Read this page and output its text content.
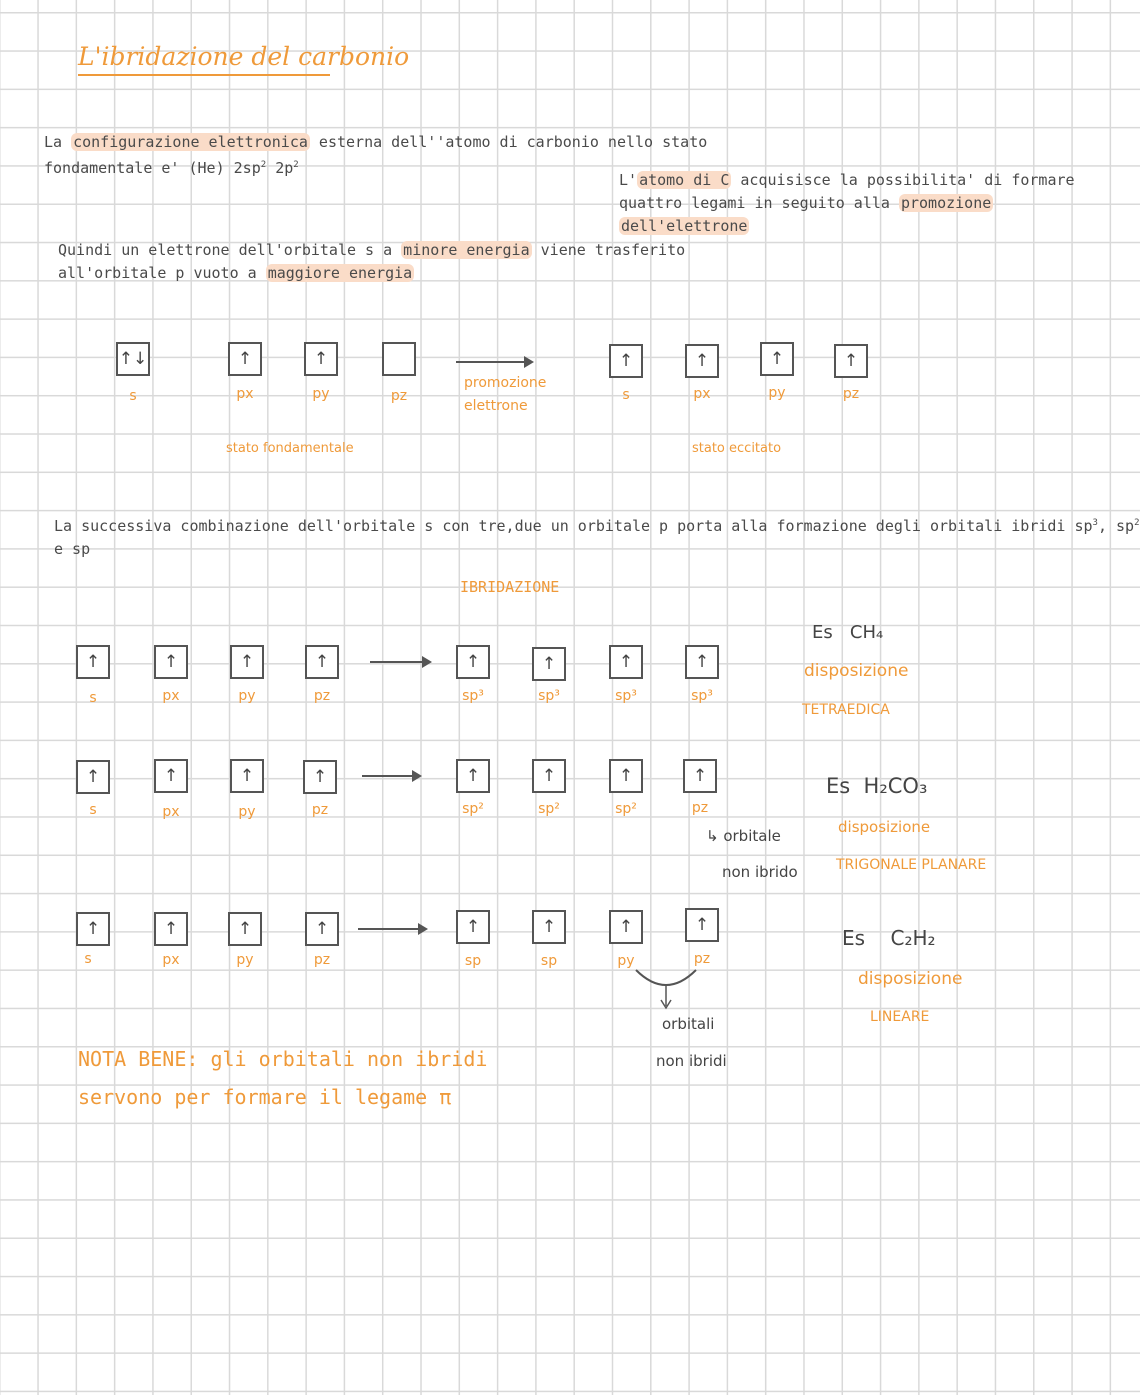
L'ibridazione del carbonio
La configurazione elettronica esterna dell''atomo di carbonio nello stato
fondamentale e' (He) $2sp^2$ $2p^2$
L' atomo di C acquisisce la possibilita' di formare
quattro legami in seguito alla promozione
dell'elettrone
Quindi un elettrone dell'orbitale s a minore energia viene trasferito
all'orbitale p vuoto a maggiore energia
↑↓
s
↑
px
↑
py	pz
stato fondamentale
promozione
elettrone
↑
s
↑
px
↑
py
↑
pz
stato eccitato
La successiva combinazione dell'orbitale s con tre,due un orbitale p porta alla formazione degli orbitali ibridi $sp^3$, $sp^2$
e sp
IBRIDAZIONE
↑
s
↑
px
↑
py
↑
pz
↑
sp³
↑
sp³
↑
sp³
↑
sp³
Es   CH₄
disposizione
TETRAEDICA
↑
s
↑
px
↑
py
↑
pz
↑
sp²
↑
sp²
↑
sp²
↑
pz
↳ orbitale
non ibrido
Es  H₂CO₃
disposizione
TRIGONALE PLANARE
↑
s
↑
px
↑
py
↑
pz
↑
sp
↑
sp
↑
py
↑
pz
orbitali
non ibridi
Es    C₂H₂
disposizione
LINEARE
NOTA BENE: gli orbitali non ibridi
servono per formare il legame π
